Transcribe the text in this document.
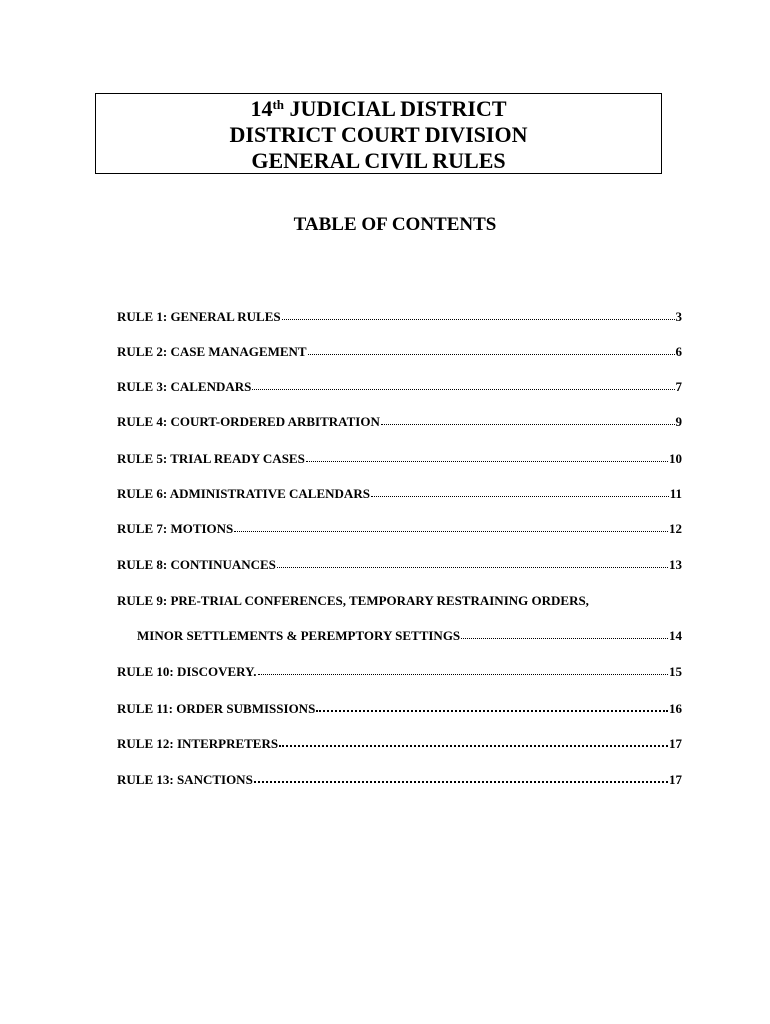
14th JUDICIAL DISTRICT
DISTRICT COURT DIVISION
GENERAL CIVIL RULES
TABLE OF CONTENTS
RULE 1: GENERAL RULES	3
RULE 2: CASE MANAGEMENT	6
RULE 3: CALENDARS	7
RULE 4: COURT-ORDERED ARBITRATION	9
RULE 5: TRIAL READY CASES	10
RULE 6: ADMINISTRATIVE CALENDARS	11
RULE 7: MOTIONS	12
RULE 8: CONTINUANCES	13
RULE 9: PRE-TRIAL CONFERENCES, TEMPORARY RESTRAINING ORDERS,
MINOR SETTLEMENTS & PEREMPTORY SETTINGS	14
RULE 10: DISCOVERY.	15
RULE 11: ORDER SUBMISSIONS	16
RULE 12: INTERPRETERS	17
RULE 13: SANCTIONS	17
